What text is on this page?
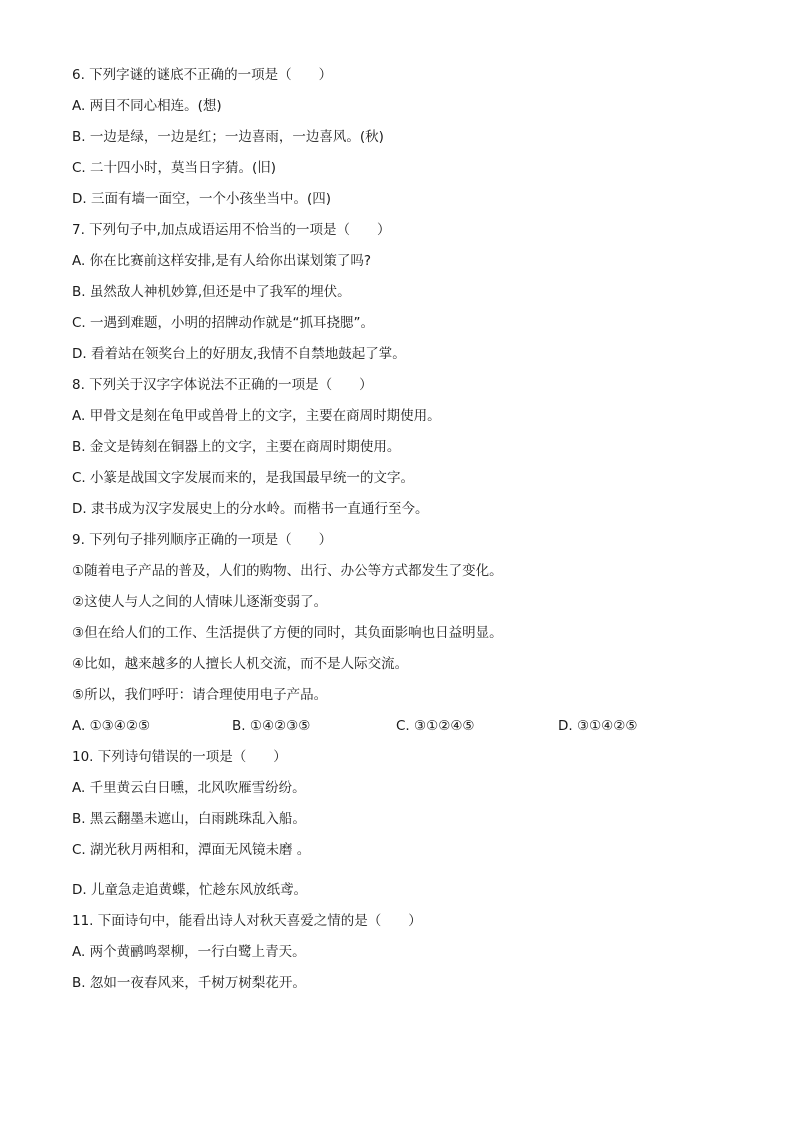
6. 下列字谜的谜底不正确的一项是（　　）
A. 两目不同心相连。(想)
B. 一边是绿，一边是红；一边喜雨，一边喜风。(秋)
C. 二十四小时，莫当日字猜。(旧)
D. 三面有墙一面空，一个小孩坐当中。(四)
7. 下列句子中,加点成语运用不恰当的一项是（　　）
A. 你在比赛前这样安排,是有人给你出谋划策了吗?
B. 虽然敌人神机妙算,但还是中了我军的埋伏。
C. 一遇到难题，小明的招牌动作就是“抓耳挠腮”。
D. 看着站在领奖台上的好朋友,我情不自禁地鼓起了掌。
8. 下列关于汉字字体说法不正确的一项是（　　）
A. 甲骨文是刻在龟甲或兽骨上的文字，主要在商周时期使用。
B. 金文是铸刻在铜器上的文字，主要在商周时期使用。
C. 小篆是战国文字发展而来的，是我国最早统一的文字。
D. 隶书成为汉字发展史上的分水岭。而楷书一直通行至今。
9. 下列句子排列顺序正确的一项是（　　）
①随着电子产品的普及，人们的购物、出行、办公等方式都发生了变化。
②这使人与人之间的人情味儿逐渐变弱了。
③但在给人们的工作、生活提供了方便的同时，其负面影响也日益明显。
④比如，越来越多的人擅长人机交流，而不是人际交流。
⑤所以，我们呼吁：请合理使用电子产品。
A. ①③④②⑤	B. ①④②③⑤	C. ③①②④⑤	D. ③①④②⑤
10. 下列诗句错误的一项是（　　）
A. 千里黄云白日曛，北风吹雁雪纷纷。
B. 黑云翻墨未遮山，白雨跳珠乱入船。
C. 湖光秋月两相和，潭面无风镜未磨 。
D. 儿童急走追黄蝶，忙趁东风放纸鸢。
11. 下面诗句中，能看出诗人对秋天喜爱之情的是（　　）
A. 两个黄鹂鸣翠柳，一行白鹭上青天。
B. 忽如一夜春风来，千树万树梨花开。
